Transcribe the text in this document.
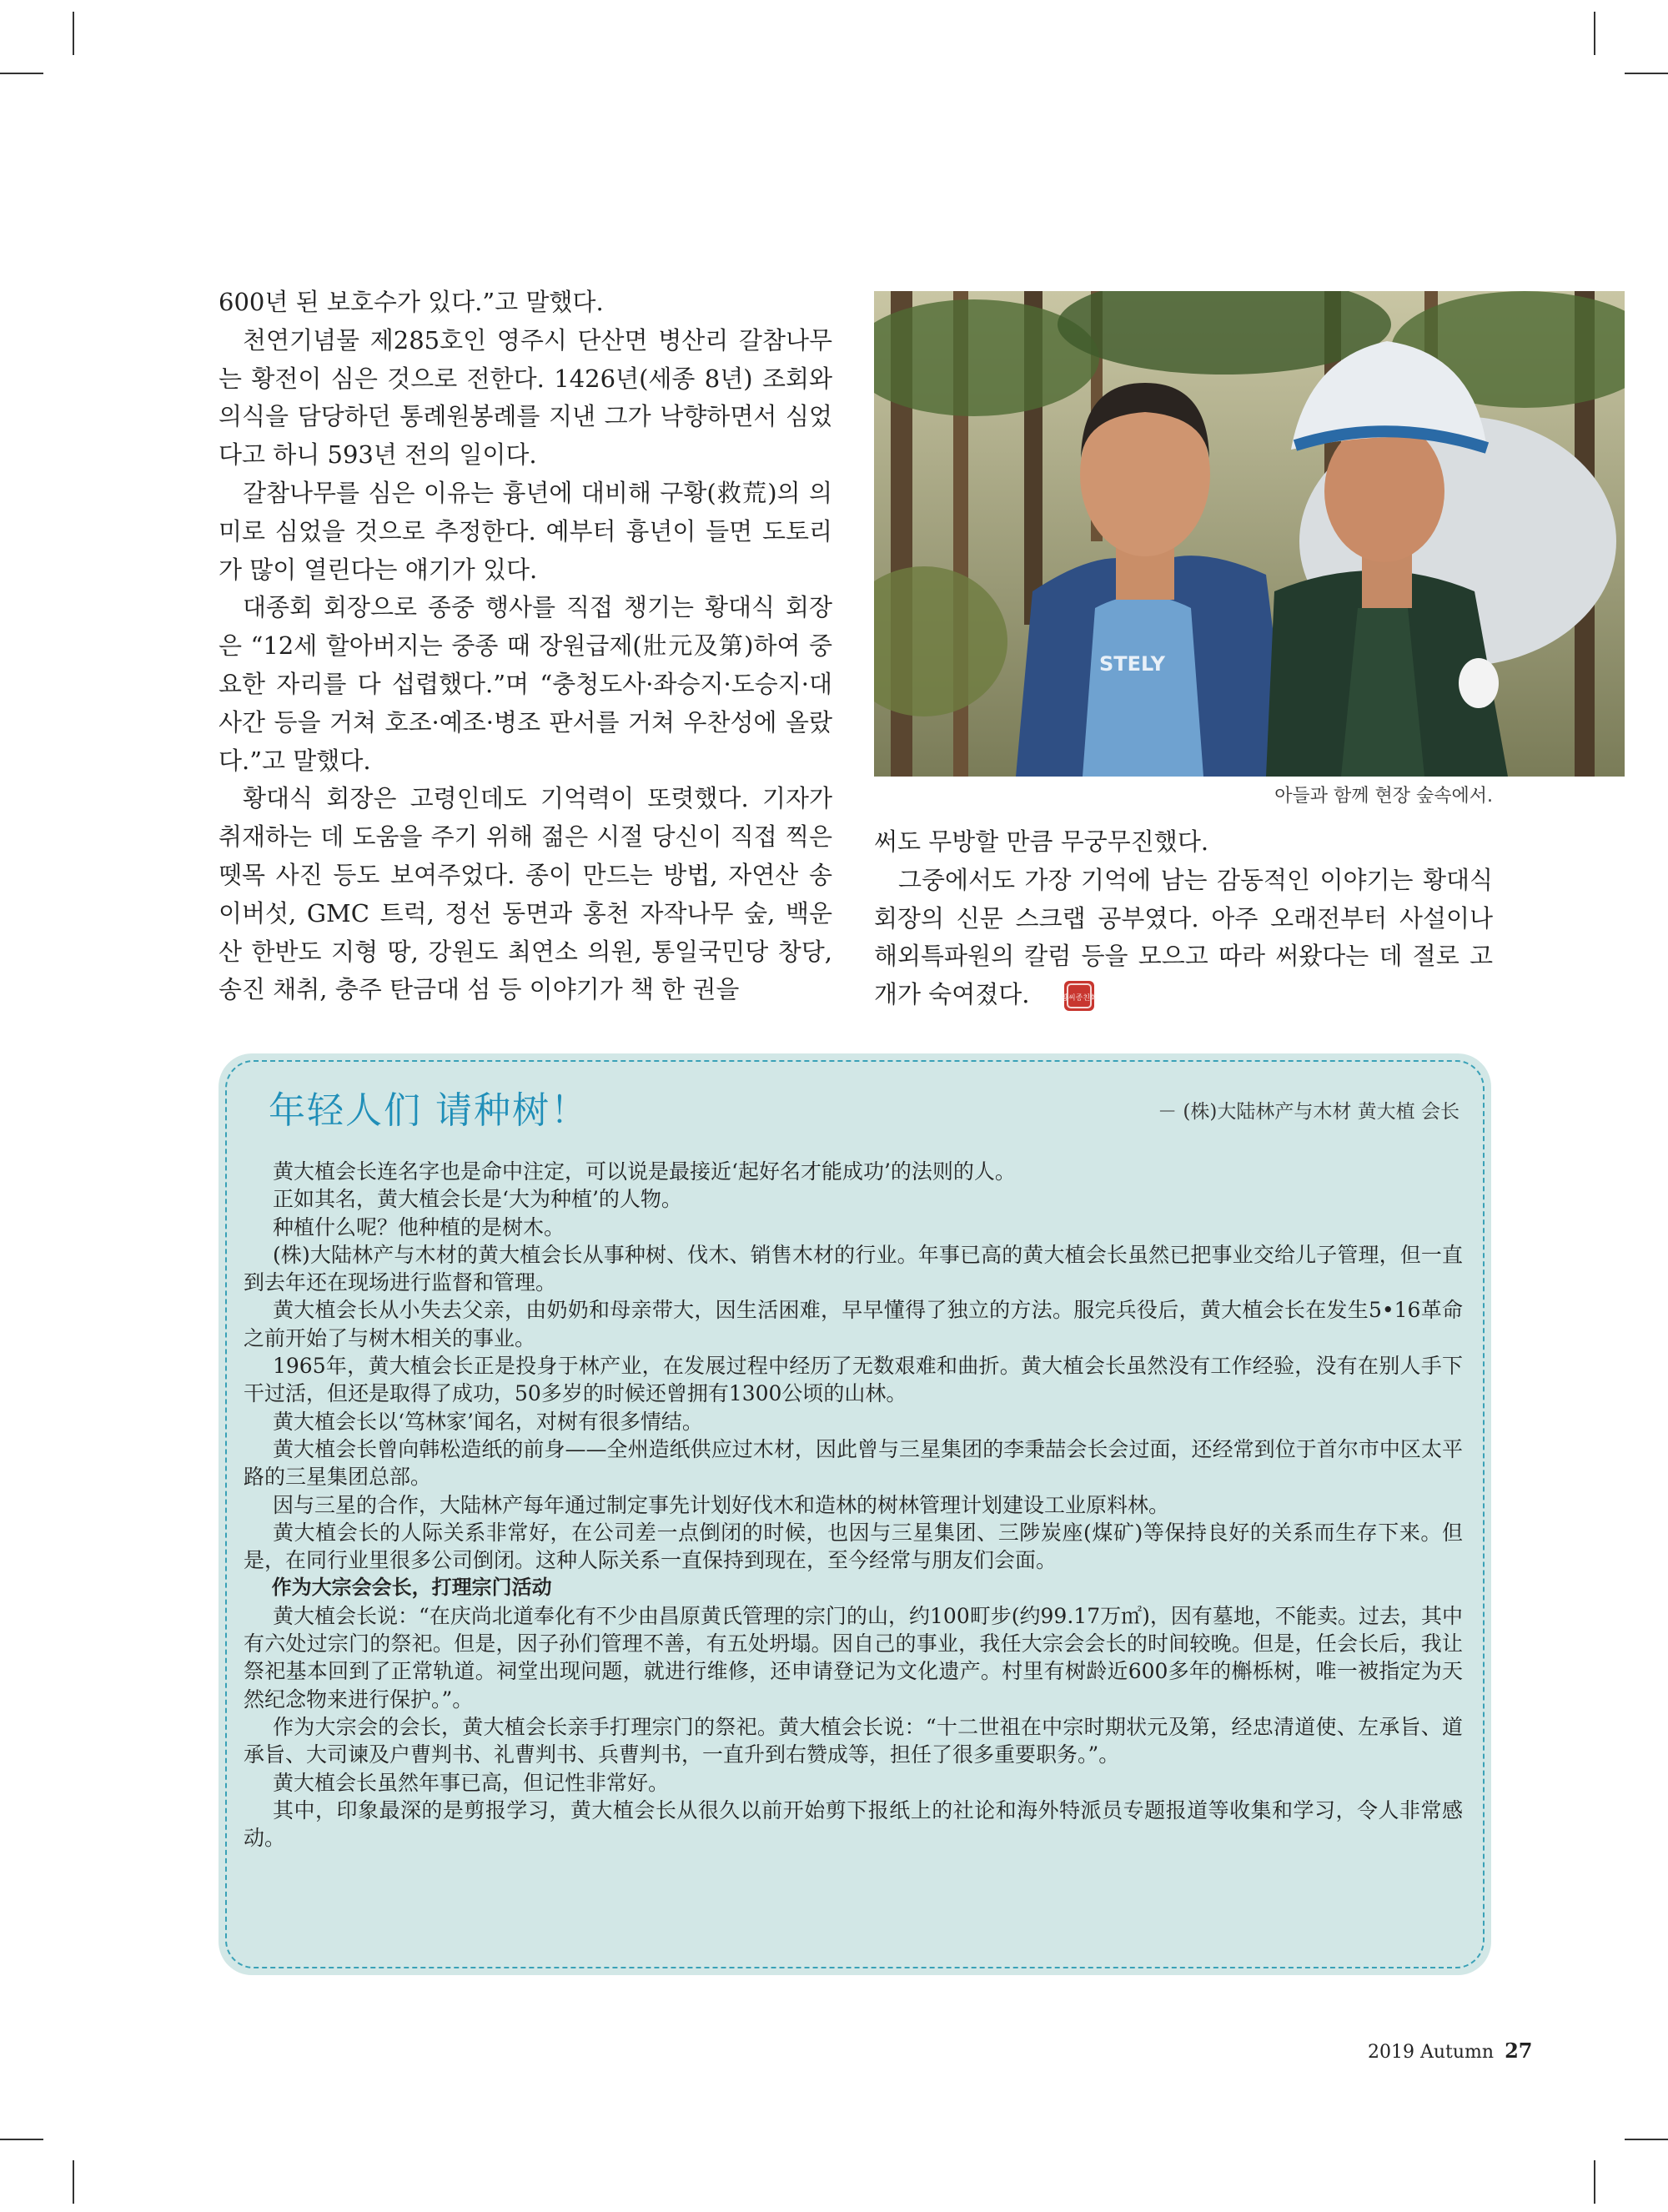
600년 된 보호수가 있다.”고 말했다.

천연기념물 제285호인 영주시 단산면 병산리 갈참나무는 황전이 심은 것으로 전한다. 1426년(세종 8년) 조회와 의식을 담당하던 통례원봉례를 지낸 그가 낙향하면서 심었다고 하니 593년 전의 일이다.

갈참나무를 심은 이유는 흉년에 대비해 구황(救荒)의 의미로 심었을 것으로 추정한다. 예부터 흉년이 들면 도토리가 많이 열린다는 얘기가 있다.

대종회 회장으로 종중 행사를 직접 챙기는 황대식 회장은 “12세 할아버지는 중종 때 장원급제(壯元及第)하여 중요한 자리를 다 섭렵했다.”며 “충청도사·좌승지·도승지·대사간 등을 거쳐 호조·예조·병조 판서를 거쳐 우찬성에 올랐다.”고 말했다.

황대식 회장은 고령인데도 기억력이 또렷했다. 기자가 취재하는 데 도움을 주기 위해 젊은 시절 당신이 직접 찍은 뗏목 사진 등도 보여주었다. 종이 만드는 방법, 자연산 송이버섯, GMC 트럭, 정선 동면과 홍천 자작나무 숲, 백운산 한반도 지형 땅, 강원도 최연소 의원, 통일국민당 창당, 송진 채취, 충주 탄금대 섬 등 이야기가 책 한 권을

STELY
아들과 함께 현장 숲속에서.

써도 무방할 만큼 무궁무진했다.

그중에서도 가장 기억에 남는 감동적인 이야기는 황대식 회장의 신문 스크랩 공부였다. 아주 오래전부터 사설이나 해외특파원의 칼럼 등을 모으고 따라 써왔다는 데 절로 고개가 숙여졌다.	황씨종친회

年轻人们 请种树！	－ (株)大陆林产与木材 黄大植 会长

黄大植会长连名字也是命中注定，可以说是最接近‘起好名才能成功’的法则的人。

正如其名，黄大植会长是‘大为种植’的人物。

种植什么呢？他种植的是树木。

(株)大陆林产与木材的黄大植会长从事种树、伐木、销售木材的行业。年事已高的黄大植会长虽然已把事业交给儿子管理，但一直到去年还在现场进行监督和管理。

黄大植会长从小失去父亲，由奶奶和母亲带大，因生活困难，早早懂得了独立的方法。服完兵役后，黄大植会长在发生5•16革命之前开始了与树木相关的事业。

1965年，黄大植会长正是投身于林产业，在发展过程中经历了无数艰难和曲折。黄大植会长虽然没有工作经验，没有在别人手下干过活，但还是取得了成功，50多岁的时候还曾拥有1300公顷的山林。

黄大植会长以‘笃林家’闻名，对树有很多情结。

黄大植会长曾向韩松造纸的前身——全州造纸供应过木材，因此曾与三星集团的李秉喆会长会过面，还经常到位于首尔市中区太平路的三星集团总部。

因与三星的合作，大陆林产每年通过制定事先计划好伐木和造林的树林管理计划建设工业原料林。

黄大植会长的人际关系非常好，在公司差一点倒闭的时候，也因与三星集团、三陟炭座(煤矿)等保持良好的关系而生存下来。但是，在同行业里很多公司倒闭。这种人际关系一直保持到现在，至今经常与朋友们会面。

作为大宗会会长，打理宗门活动

黄大植会长说：“在庆尚北道奉化有不少由昌原黄氏管理的宗门的山，约100町步(约99.17万㎡)，因有墓地，不能卖。过去，其中有六处过宗门的祭祀。但是，因子孙们管理不善，有五处坍塌。因自己的事业，我任大宗会会长的时间较晚。但是，任会长后，我让祭祀基本回到了正常轨道。祠堂出现问题，就进行维修，还申请登记为文化遗产。村里有树龄近600多年的槲栎树，唯一被指定为天然纪念物来进行保护。”。

作为大宗会的会长，黄大植会长亲手打理宗门的祭祀。黄大植会长说：“十二世祖在中宗时期状元及第，经忠清道使、左承旨、道承旨、大司谏及户曹判书、礼曹判书、兵曹判书，一直升到右赞成等，担任了很多重要职务。”。

黄大植会长虽然年事已高，但记性非常好。

其中，印象最深的是剪报学习，黄大植会长从很久以前开始剪下报纸上的社论和海外特派员专题报道等收集和学习，令人非常感动。

2019 Autumn 27
